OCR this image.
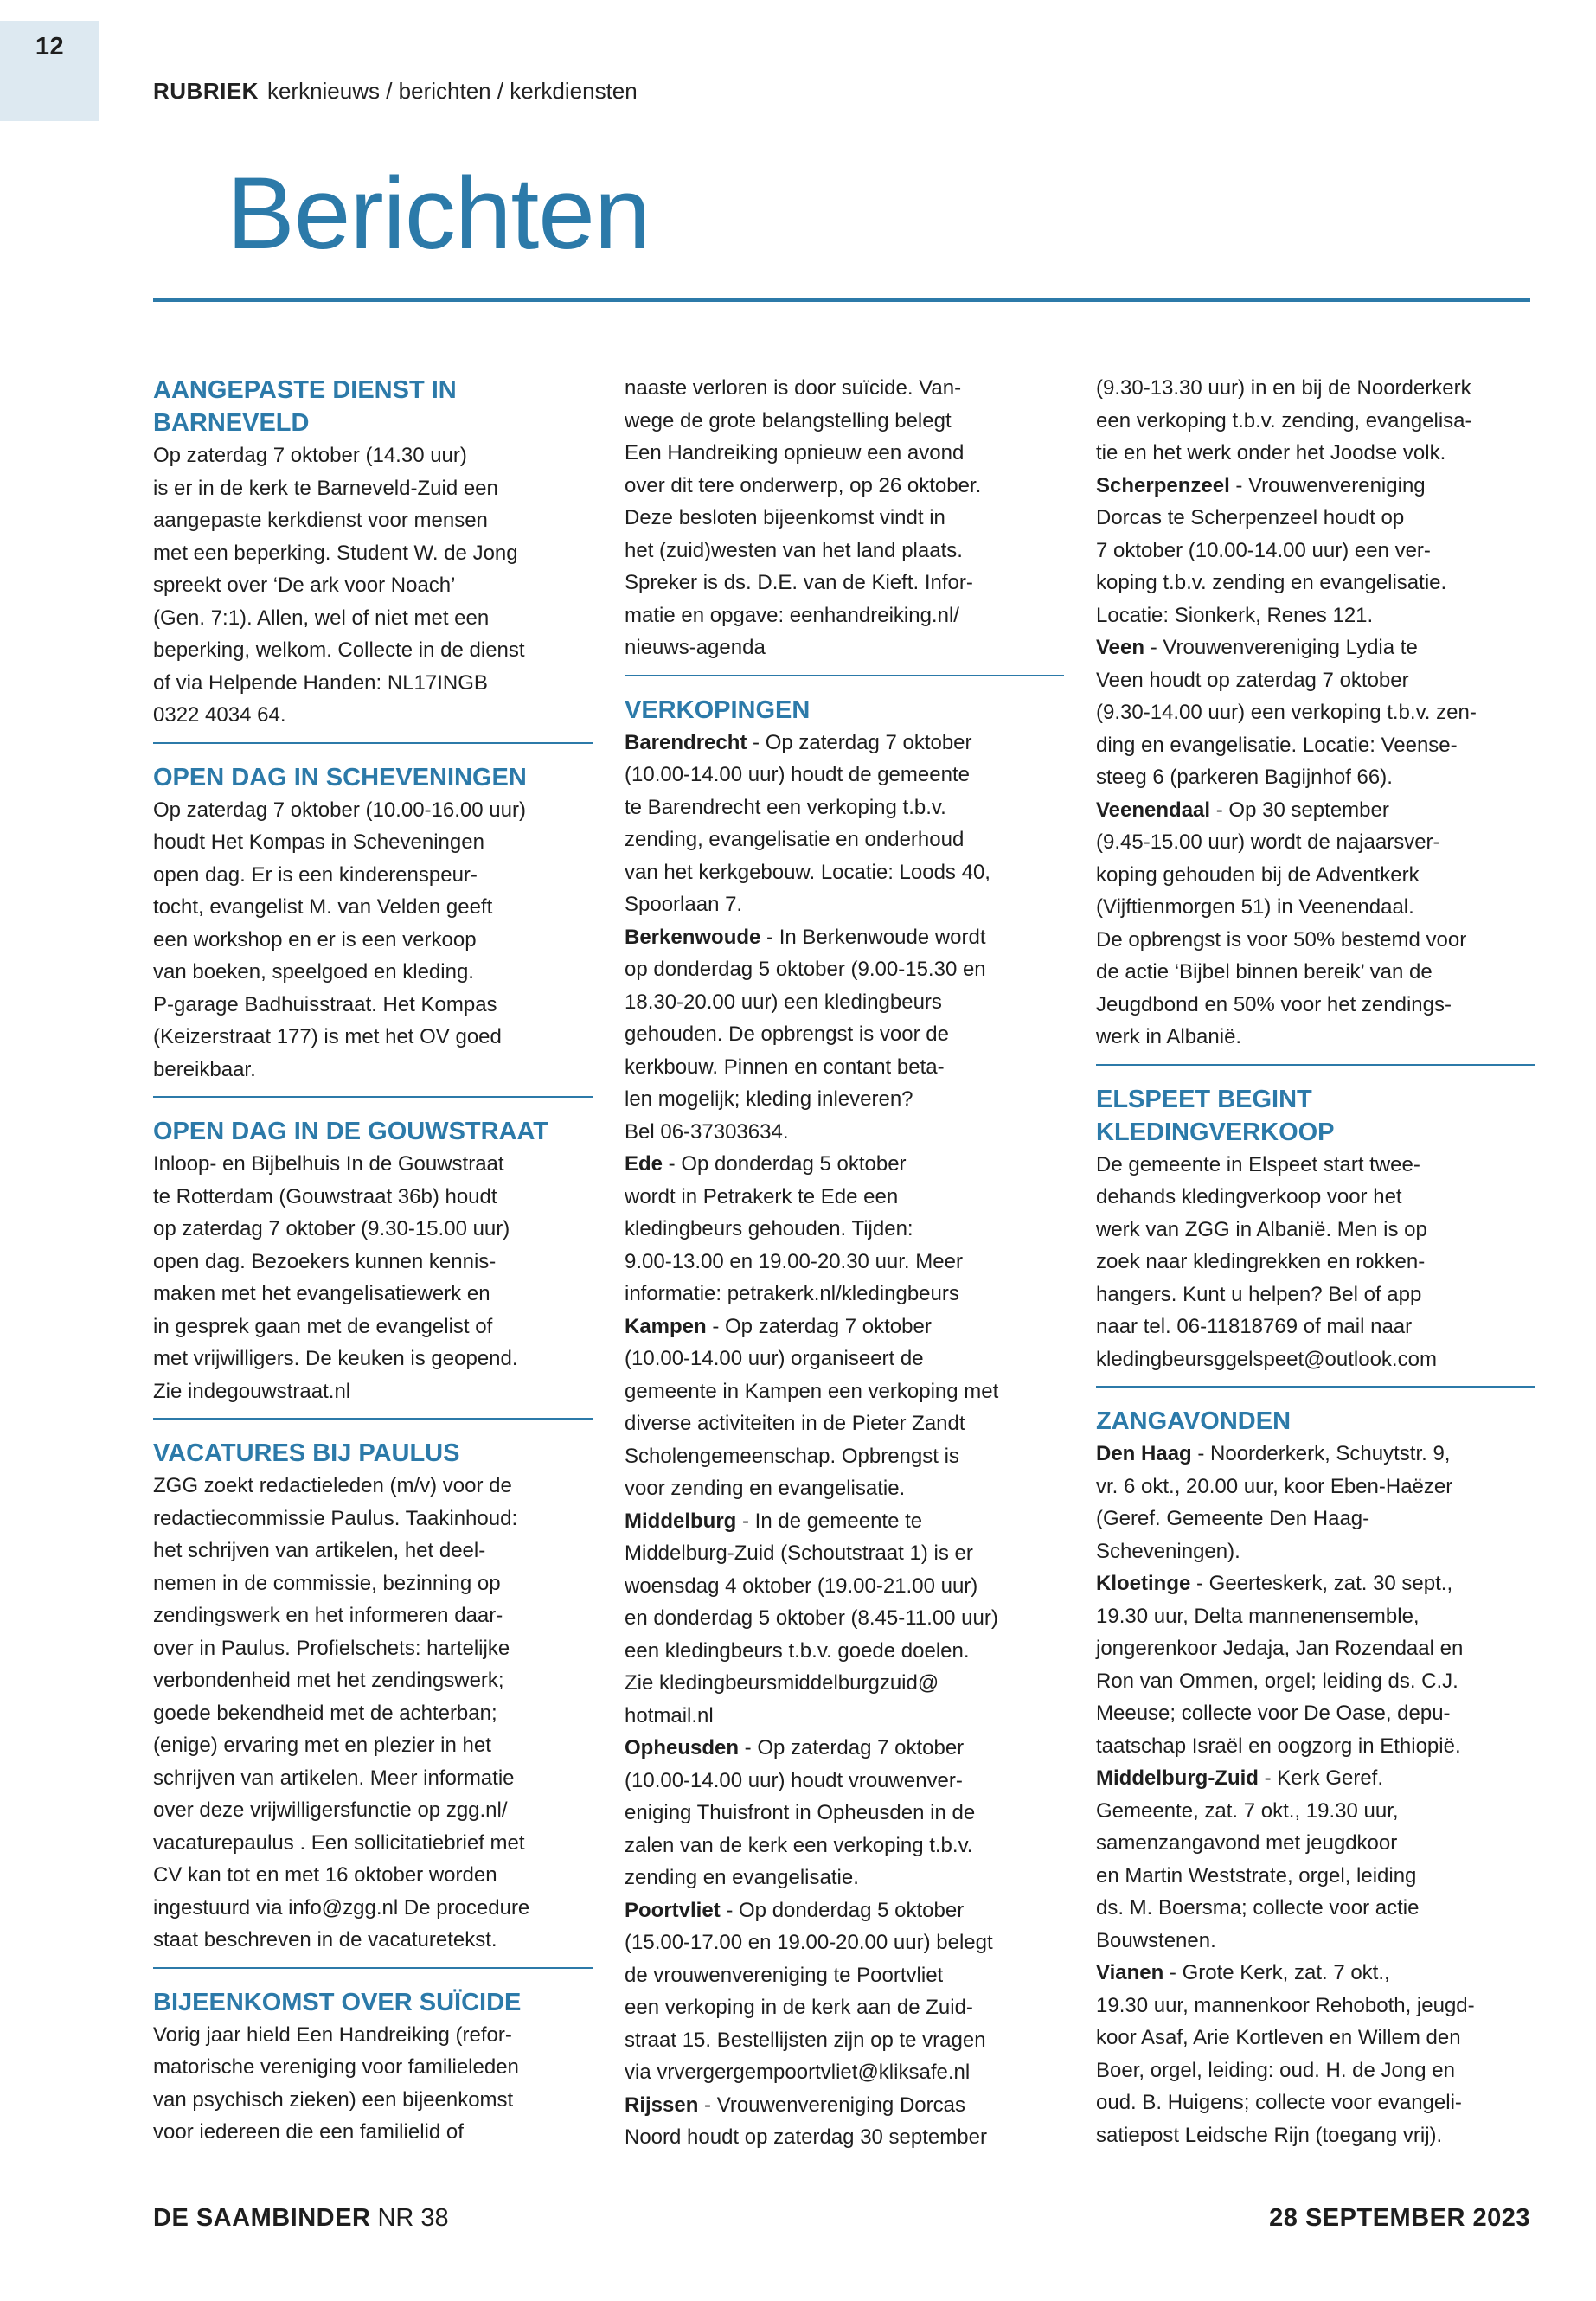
12
RUBRIEK kerknieuws / berichten / kerkdiensten
Berichten
AANGEPASTE DIENST IN BARNEVELD
Op zaterdag 7 oktober (14.30 uur)
is er in de kerk te Barneveld-Zuid een
aangepaste kerkdienst voor mensen
met een beperking. Student W. de Jong
spreekt over ‘De ark voor Noach’
(Gen. 7:1). Allen, wel of niet met een
beperking, welkom. Collecte in de dienst
of via Helpende Handen: NL17INGB
0322 4034 64.
OPEN DAG IN SCHEVENINGEN
Op zaterdag 7 oktober (10.00-16.00 uur)
houdt Het Kompas in Scheveningen
open dag. Er is een kinderenspeur-
tocht, evangelist M. van Velden geeft
een workshop en er is een verkoop
van boeken, speelgoed en kleding.
P-garage Badhuisstraat. Het Kompas
(Keizerstraat 177) is met het OV goed
bereikbaar.
OPEN DAG IN DE GOUWSTRAAT
Inloop- en Bijbelhuis In de Gouwstraat
te Rotterdam (Gouwstraat 36b) houdt
op zaterdag 7 oktober (9.30-15.00 uur)
open dag. Bezoekers kunnen kennis-
maken met het evangelisatiewerk en
in gesprek gaan met de evangelist of
met vrijwilligers. De keuken is geopend.
Zie indegouwstraat.nl
VACATURES BIJ PAULUS
ZGG zoekt redactieleden (m/v) voor de
redactiecommissie Paulus. Taakinhoud:
het schrijven van artikelen, het deel-
nemen in de commissie, bezinning op
zendingswerk en het informeren daar-
over in Paulus. Profielschets: hartelijke
verbondenheid met het zendingswerk;
goede bekendheid met de achterban;
(enige) ervaring met en plezier in het
schrijven van artikelen. Meer informatie
over deze vrijwilligersfunctie op zgg.nl/
vacaturepaulus . Een sollicitatiebrief met
CV kan tot en met 16 oktober worden
ingestuurd via info@zgg.nl De procedure
staat beschreven in de vacaturetekst.
BIJEENKOMST OVER SUÏCIDE
Vorig jaar hield Een Handreiking (refor-
matorische vereniging voor familieleden
van psychisch zieken) een bijeenkomst
voor iedereen die een familielid of
naaste verloren is door suïcide. Van-
wege de grote belangstelling belegt
Een Handreiking opnieuw een avond
over dit tere onderwerp, op 26 oktober.
Deze besloten bijeenkomst vindt in
het (zuid)westen van het land plaats.
Spreker is ds. D.E. van de Kieft. Infor-
matie en opgave: eenhandreiking.nl/
nieuws-agenda
VERKOPINGEN
Barendrecht - Op zaterdag 7 oktober
(10.00-14.00 uur) houdt de gemeente
te Barendrecht een verkoping t.b.v.
zending, evangelisatie en onderhoud
van het kerkgebouw. Locatie: Loods 40,
Spoorlaan 7.
Berkenwoude - In Berkenwoude wordt
op donderdag 5 oktober (9.00-15.30 en
18.30-20.00 uur) een kledingbeurs
gehouden. De opbrengst is voor de
kerkbouw. Pinnen en contant beta-
len mogelijk; kleding inleveren?
Bel 06-37303634.
Ede - Op donderdag 5 oktober
wordt in Petrakerk te Ede een
kledingbeurs gehouden. Tijden:
9.00-13.00 en 19.00-20.30 uur. Meer
informatie: petrakerk.nl/kledingbeurs
Kampen - Op zaterdag 7 oktober
(10.00-14.00 uur) organiseert de
gemeente in Kampen een verkoping met
diverse activiteiten in de Pieter Zandt
Scholengemeenschap. Opbrengst is
voor zending en evangelisatie.
Middelburg - In de gemeente te
Middelburg-Zuid (Schoutstraat 1) is er
woensdag 4 oktober (19.00-21.00 uur)
en donderdag 5 oktober (8.45-11.00 uur)
een kledingbeurs t.b.v. goede doelen.
Zie kledingbeursmiddelburgzuid@
hotmail.nl
Opheusden - Op zaterdag 7 oktober
(10.00-14.00 uur) houdt vrouwenver-
eniging Thuisfront in Opheusden in de
zalen van de kerk een verkoping t.b.v.
zending en evangelisatie.
Poortvliet - Op donderdag 5 oktober
(15.00-17.00 en 19.00-20.00 uur) belegt
de vrouwenvereniging te Poortvliet
een verkoping in de kerk aan de Zuid-
straat 15. Bestellijsten zijn op te vragen
via vrvergergempoortvliet@kliksafe.nl
Rijssen - Vrouwenvereniging Dorcas
Noord houdt op zaterdag 30 september
(9.30-13.30 uur) in en bij de Noorderkerk
een verkoping t.b.v. zending, evangelisa-
tie en het werk onder het Joodse volk.
Scherpenzeel - Vrouwenvereniging
Dorcas te Scherpenzeel houdt op
7 oktober (10.00-14.00 uur) een ver-
koping t.b.v. zending en evangelisatie.
Locatie: Sionkerk, Renes 121.
Veen - Vrouwenvereniging Lydia te
Veen houdt op zaterdag 7 oktober
(9.30-14.00 uur) een verkoping t.b.v. zen-
ding en evangelisatie. Locatie: Veense-
steeg 6 (parkeren Bagijnhof 66).
Veenendaal - Op 30 september
(9.45-15.00 uur) wordt de najaarsver-
koping gehouden bij de Adventkerk
(Vijftienmorgen 51) in Veenendaal.
De opbrengst is voor 50% bestemd voor
de actie ‘Bijbel binnen bereik’ van de
Jeugdbond en 50% voor het zendings-
werk in Albanië.
ELSPEET BEGINT KLEDINGVERKOOP
De gemeente in Elspeet start twee-
dehands kledingverkoop voor het
werk van ZGG in Albanië. Men is op
zoek naar kledingrekken en rokken-
hangers. Kunt u helpen? Bel of app
naar tel. 06-11818769 of mail naar
kledingbeursggelspeet@outlook.com
ZANGAVONDEN
Den Haag - Noorderkerk, Schuytstr. 9,
vr. 6 okt., 20.00 uur, koor Eben-Haëzer
(Geref. Gemeente Den Haag-
Scheveningen).
Kloetinge - Geerteskerk, zat. 30 sept.,
19.30 uur, Delta mannenensemble,
jongerenkoor Jedaja, Jan Rozendaal en
Ron van Ommen, orgel; leiding ds. C.J.
Meeuse; collecte voor De Oase, depu-
taatschap Israël en oogzorg in Ethiopië.
Middelburg-Zuid - Kerk Geref.
Gemeente, zat. 7 okt., 19.30 uur,
samenzangavond met jeugdkoor
en Martin Weststrate, orgel, leiding
ds. M. Boersma; collecte voor actie
Bouwstenen.
Vianen - Grote Kerk, zat. 7 okt.,
19.30 uur, mannenkoor Rehoboth, jeugd-
koor Asaf, Arie Kortleven en Willem den
Boer, orgel, leiding: oud. H. de Jong en
oud. B. Huigens; collecte voor evangeli-
satiepost Leidsche Rijn (toegang vrij).
DE SAAMBINDER NR 38	28 SEPTEMBER 2023
